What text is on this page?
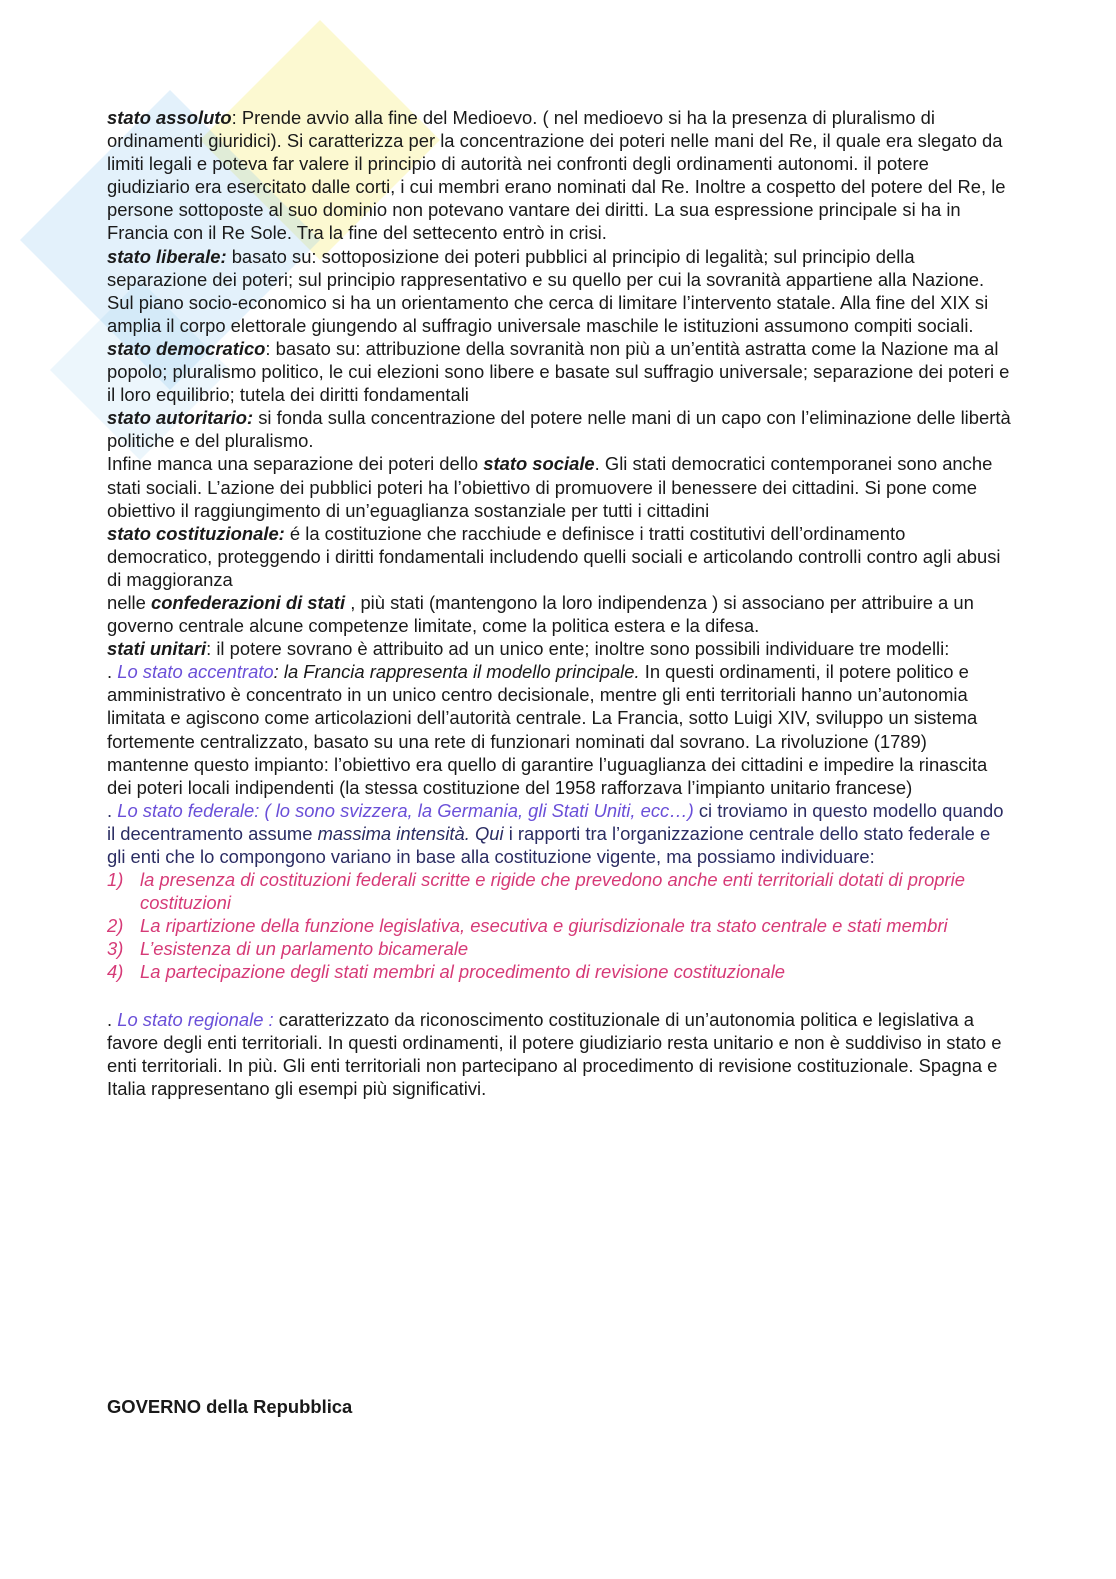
stato assoluto: Prende avvio alla fine del Medioevo. ( nel medioevo si ha la presenza di pluralismo di ordinamenti giuridici). Si caratterizza per la concentrazione dei poteri nelle mani del Re, il quale era slegato da limiti legali e poteva far valere il principio di autorità nei confronti degli ordinamenti autonomi. il potere giudiziario era esercitato dalle corti, i cui membri erano nominati dal Re. Inoltre a cospetto del potere del Re, le persone sottoposte al suo dominio non potevano vantare dei diritti. La sua espressione principale si ha in Francia con il Re Sole. Tra la fine del settecento entrò in crisi.

stato liberale: basato su: sottoposizione dei poteri pubblici al principio di legalità; sul principio della separazione dei poteri; sul principio rappresentativo e su quello per cui la sovranità appartiene alla Nazione. Sul piano socio-economico si ha un orientamento che cerca di limitare l’intervento statale. Alla fine del XIX si amplia il corpo elettorale giungendo al suffragio universale maschile le istituzioni assumono compiti sociali.

stato democratico: basato su: attribuzione della sovranità non più a un’entità astratta come la Nazione ma al popolo; pluralismo politico, le cui elezioni sono libere e basate sul suffragio universale; separazione dei poteri e il loro equilibrio; tutela dei diritti fondamentali

stato autoritario: si fonda sulla concentrazione del potere nelle mani di un capo con l’eliminazione delle libertà politiche e del pluralismo.

Infine manca una separazione dei poteri dello stato sociale. Gli stati democratici contemporanei sono anche stati sociali. L’azione dei pubblici poteri ha l’obiettivo di promuovere il benessere dei cittadini. Si pone come obiettivo il raggiungimento di un’eguaglianza sostanziale per tutti i cittadini

stato costituzionale: é la costituzione che racchiude e definisce i tratti costitutivi dell’ordinamento democratico, proteggendo i diritti fondamentali includendo quelli sociali e articolando controlli contro agli abusi di maggioranza

nelle confederazioni di stati , più stati (mantengono la loro indipendenza ) si associano per attribuire a un governo centrale alcune competenze limitate, come la politica estera e la difesa.

stati unitari: il potere sovrano è attribuito ad un unico ente; inoltre sono possibili individuare tre modelli:

. Lo stato accentrato: la Francia rappresenta il modello principale. In questi ordinamenti, il potere politico e amministrativo è concentrato in un unico centro decisionale, mentre gli enti territoriali hanno un’autonomia limitata e agiscono come articolazioni dell’autorità centrale. La Francia, sotto Luigi XIV, sviluppo un sistema fortemente centralizzato, basato su una rete di funzionari nominati dal sovrano. La rivoluzione (1789) mantenne questo impianto: l’obiettivo era quello di garantire l’uguaglianza dei cittadini e impedire la rinascita dei poteri locali indipendenti (la stessa costituzione del 1958 rafforzava l’impianto unitario francese)

. Lo stato federale: ( lo sono svizzera, la Germania, gli Stati Uniti, ecc…) ci troviamo in questo modello quando il decentramento assume massima intensità. Qui i rapporti tra l’organizzazione centrale dello stato federale e gli enti che lo compongono variano in base alla costituzione vigente, ma possiamo individuare:

1) la presenza di costituzioni federali scritte e rigide che prevedono anche enti territoriali dotati di proprie costituzioni
2) La ripartizione della funzione legislativa, esecutiva e giurisdizionale tra stato centrale e stati membri
3) L’esistenza di un parlamento bicamerale
4) La partecipazione degli stati membri al procedimento di revisione costituzionale

. Lo stato regionale : caratterizzato da riconoscimento costituzionale di un’autonomia politica e legislativa a favore degli enti territoriali. In questi ordinamenti, il potere giudiziario resta unitario e non è suddiviso in stato e enti territoriali. In più. Gli enti territoriali non partecipano al procedimento di revisione costituzionale. Spagna e Italia rappresentano gli esempi più significativi.

GOVERNO della Repubblica
